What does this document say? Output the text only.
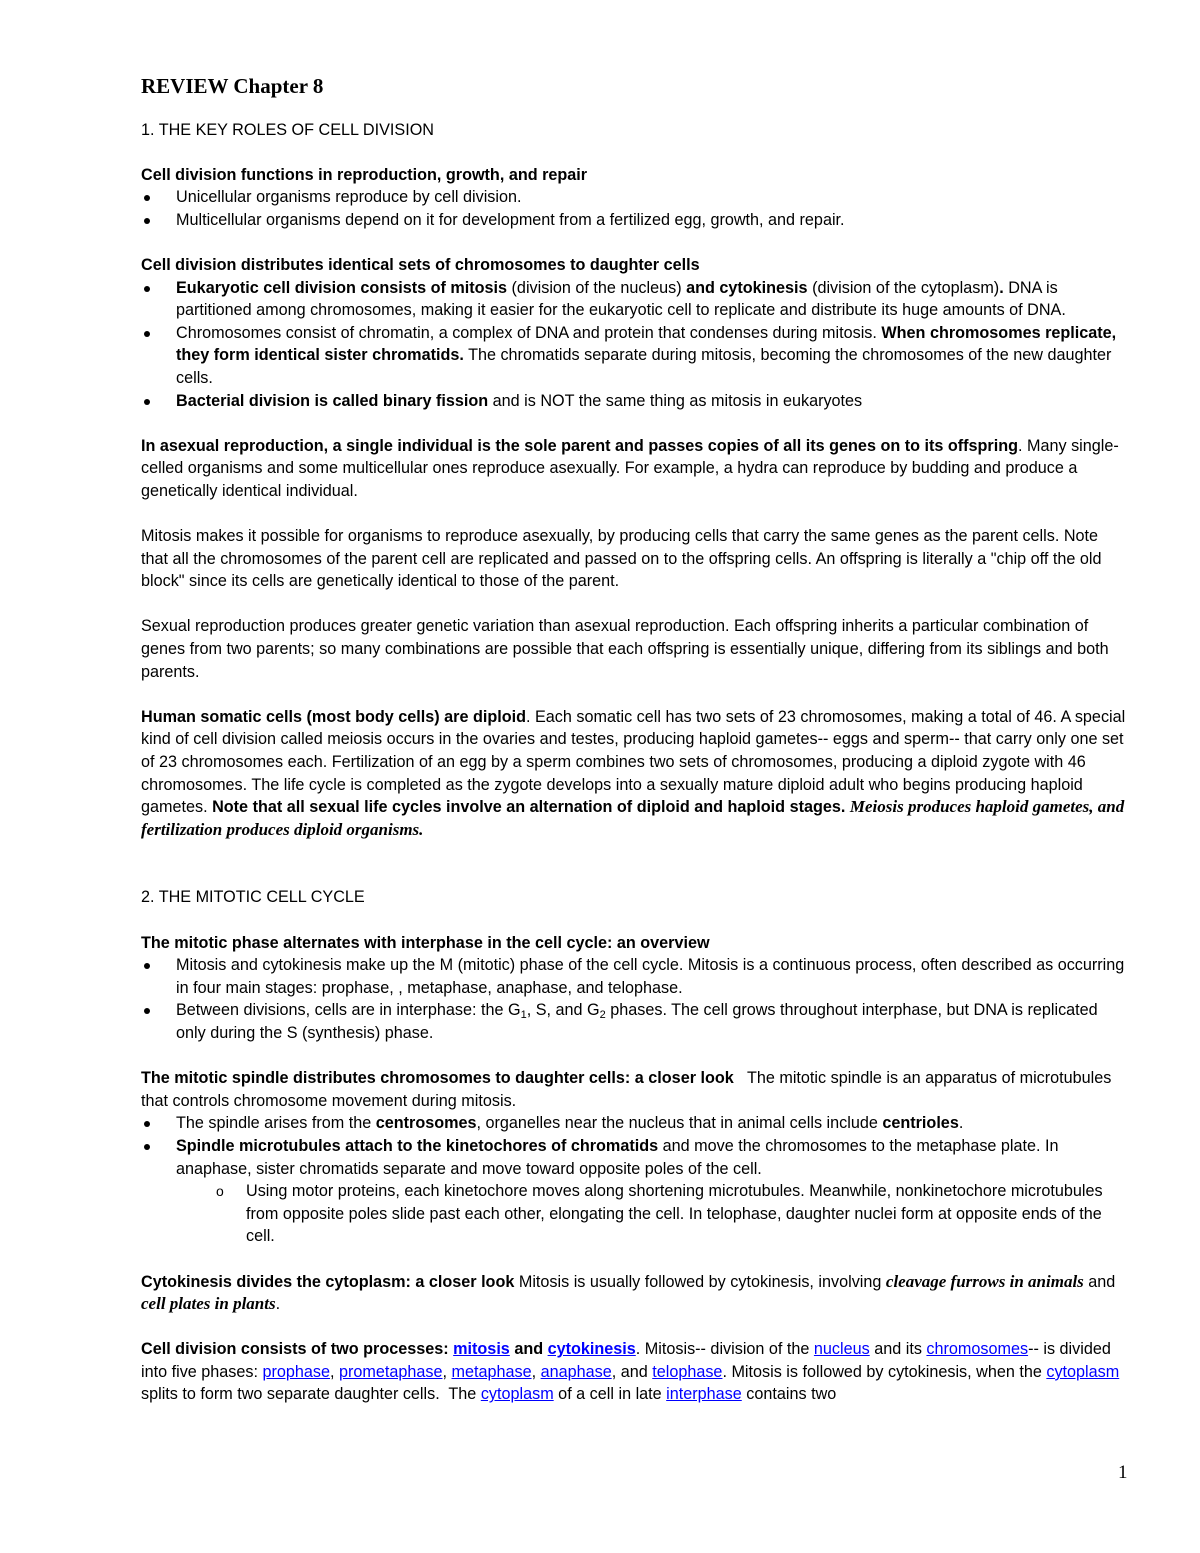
REVIEW Chapter 8

1. THE KEY ROLES OF CELL DIVISION

Cell division functions in reproduction, growth, and repair

Unicellular organisms reproduce by cell division.
Multicellular organisms depend on it for development from a fertilized egg, growth, and repair.

Cell division distributes identical sets of chromosomes to daughter cells

Eukaryotic cell division consists of mitosis (division of the nucleus) and cytokinesis (division of the cytoplasm). DNA is partitioned among chromosomes, making it easier for the eukaryotic cell to replicate and distribute its huge amounts of DNA.
Chromosomes consist of chromatin, a complex of DNA and protein that condenses during mitosis. When chromosomes replicate, they form identical sister chromatids. The chromatids separate during mitosis, becoming the chromosomes of the new daughter cells.
Bacterial division is called binary fission and is NOT the same thing as mitosis in eukaryotes

In asexual reproduction, a single individual is the sole parent and passes copies of all its genes on to its offspring. Many single-celled organisms and some multicellular ones reproduce asexually. For example, a hydra can reproduce by budding and produce a genetically identical individual.

Mitosis makes it possible for organisms to reproduce asexually, by producing cells that carry the same genes as the parent cells. Note that all the chromosomes of the parent cell are replicated and passed on to the offspring cells. An offspring is literally a "chip off the old block" since its cells are genetically identical to those of the parent.

Sexual reproduction produces greater genetic variation than asexual reproduction. Each offspring inherits a particular combination of genes from two parents; so many combinations are possible that each offspring is essentially unique, differing from its siblings and both parents.

Human somatic cells (most body cells) are diploid. Each somatic cell has two sets of 23 chromosomes, making a total of 46. A special kind of cell division called meiosis occurs in the ovaries and testes, producing haploid gametes-- eggs and sperm-- that carry only one set of 23 chromosomes each. Fertilization of an egg by a sperm combines two sets of chromosomes, producing a diploid zygote with 46 chromosomes. The life cycle is completed as the zygote develops into a sexually mature diploid adult who begins producing haploid gametes. Note that all sexual life cycles involve an alternation of diploid and haploid stages. Meiosis produces haploid gametes, and fertilization produces diploid organisms.

2. THE MITOTIC CELL CYCLE

The mitotic phase alternates with interphase in the cell cycle: an overview

Mitosis and cytokinesis make up the M (mitotic) phase of the cell cycle. Mitosis is a continuous process, often described as occurring in four main stages: prophase, , metaphase, anaphase, and telophase.
Between divisions, cells are in interphase: the $G_1$, S, and $G_2$ phases. The cell grows throughout interphase, but DNA is replicated only during the S (synthesis) phase.

The mitotic spindle distributes chromosomes to daughter cells: a closer look   The mitotic spindle is an apparatus of microtubules that controls chromosome movement during mitosis.

The spindle arises from the centrosomes, organelles near the nucleus that in animal cells include centrioles.
Spindle microtubules attach to the kinetochores of chromatids and move the chromosomes to the metaphase plate. In anaphase, sister chromatids separate and move toward opposite poles of the cell.
o Using motor proteins, each kinetochore moves along shortening microtubules. Meanwhile, nonkinetochore microtubules from opposite poles slide past each other, elongating the cell. In telophase, daughter nuclei form at opposite ends of the cell.

Cytokinesis divides the cytoplasm: a closer look Mitosis is usually followed by cytokinesis, involving cleavage furrows in animals and cell plates in plants.

Cell division consists of two processes: mitosis and cytokinesis. Mitosis-- division of the nucleus and its chromosomes-- is divided into five phases: prophase, prometaphase, metaphase, anaphase, and telophase. Mitosis is followed by cytokinesis, when the cytoplasm splits to form two separate daughter cells.  The cytoplasm of a cell in late interphase contains two

1
